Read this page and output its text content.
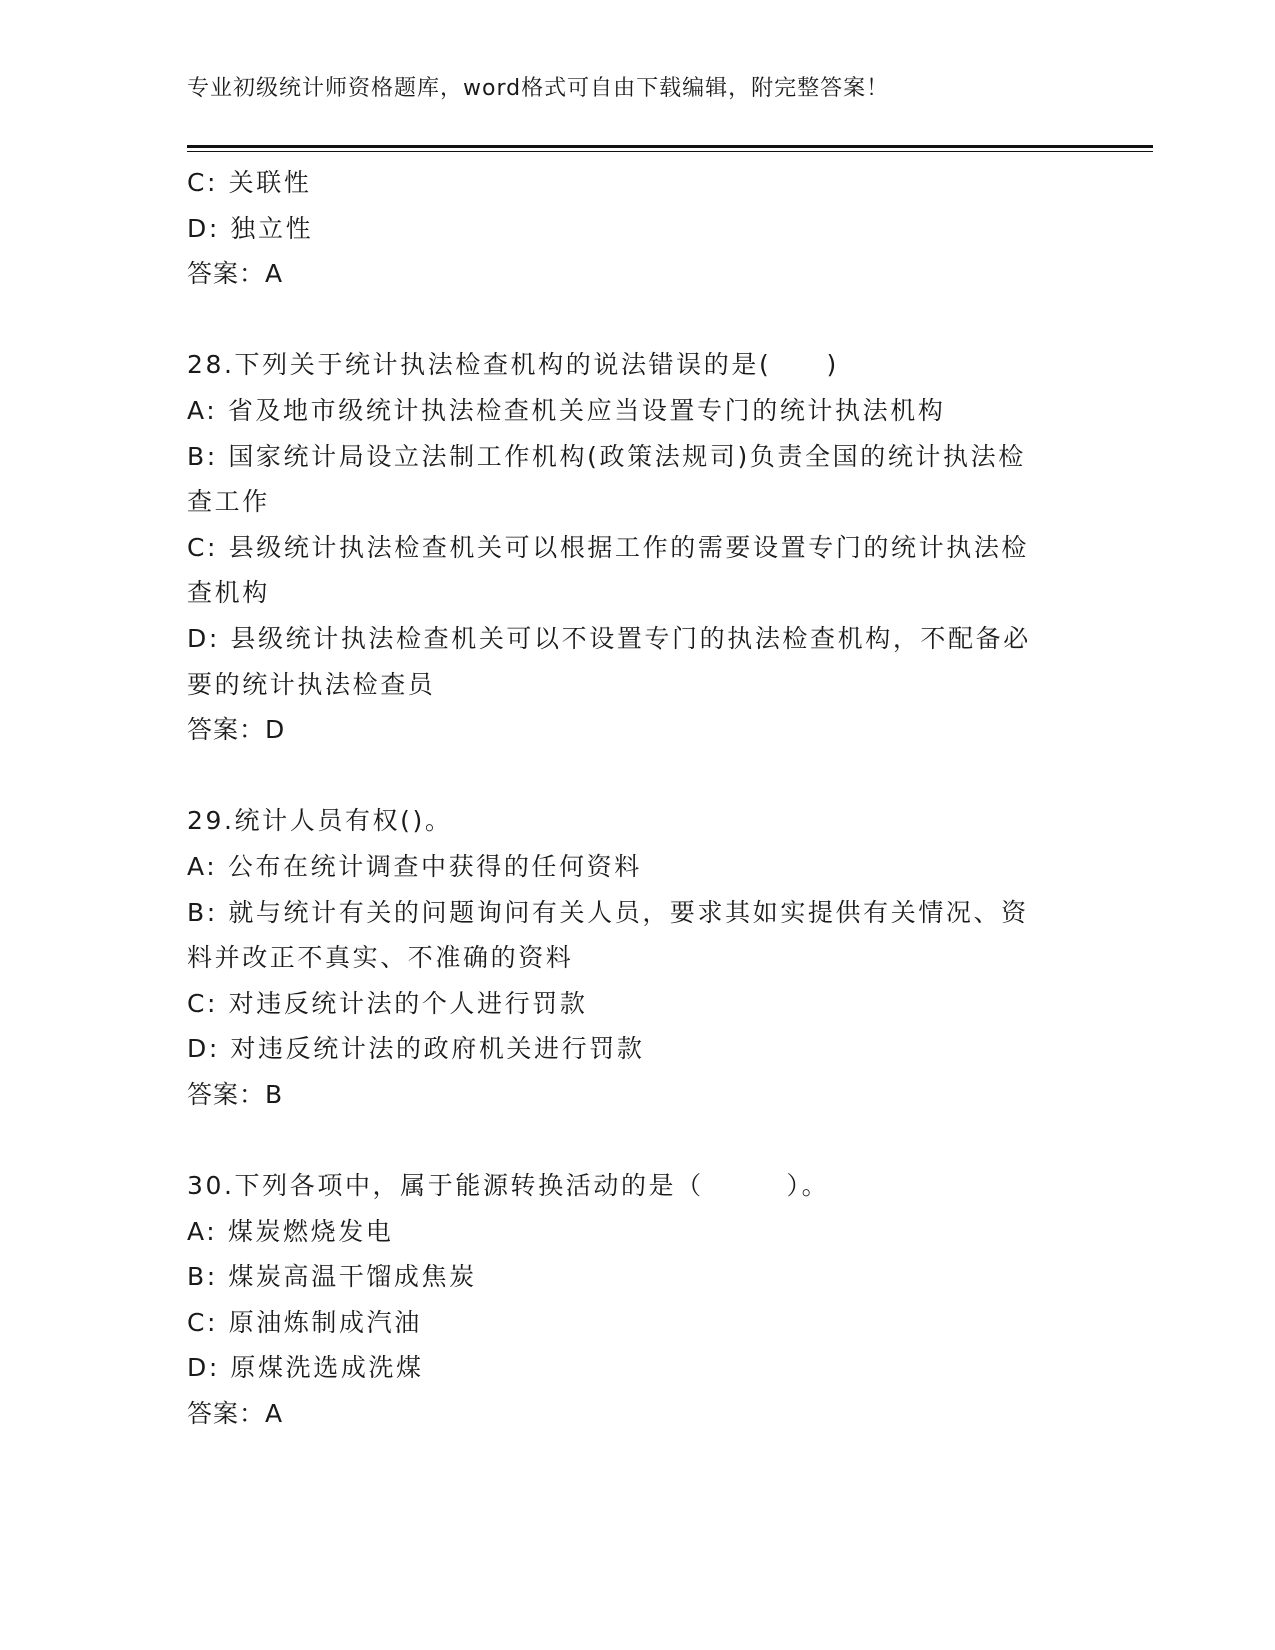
专业初级统计师资格题库，word格式可自由下载编辑，附完整答案！
C: 关联性
D: 独立性
答案：A
28.下列关于统计执法检查机构的说法错误的是(　　)
A: 省及地市级统计执法检查机关应当设置专门的统计执法机构
B: 国家统计局设立法制工作机构(政策法规司)负责全国的统计执法检
查工作
C: 县级统计执法检查机关可以根据工作的需要设置专门的统计执法检
查机构
D: 县级统计执法检查机关可以不设置专门的执法检查机构，不配备必
要的统计执法检查员
答案：D
29.统计人员有权()。
A: 公布在统计调查中获得的任何资料
B: 就与统计有关的问题询问有关人员，要求其如实提供有关情况、资
料并改正不真实、不准确的资料
C: 对违反统计法的个人进行罚款
D: 对违反统计法的政府机关进行罚款
答案：B
30.下列各项中，属于能源转换活动的是（　　　）。
A: 煤炭燃烧发电
B: 煤炭高温干馏成焦炭
C: 原油炼制成汽油
D: 原煤洗选成洗煤
答案：A
